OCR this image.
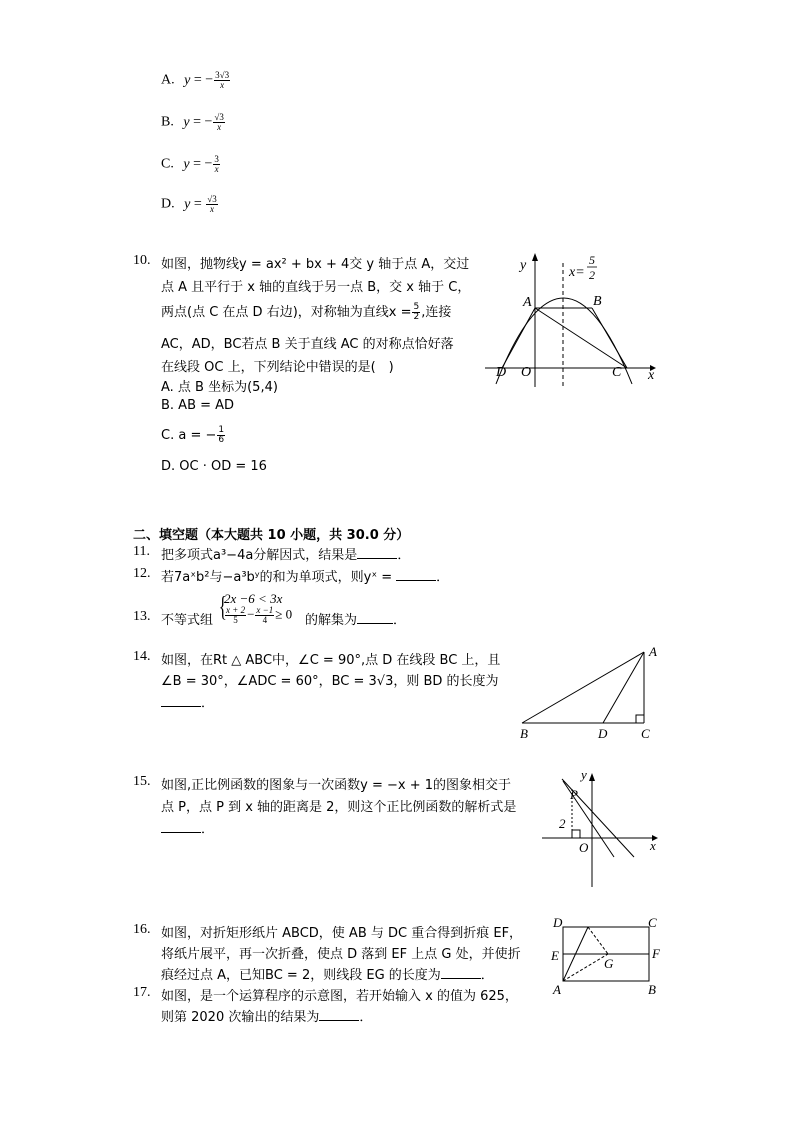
A. y = − $\frac{3√3}{x}$
B. y = − $\frac{√3}{x}$
C. y = − $\frac{3}{x}$
D. $y = \frac{√3}{x}$
10. 如图，抛物线y = ax² + bx + 4交 y 轴于点 A，交过
点 A 且平行于 x 轴的直线于另一点 B，交 x 轴于 C，
两点(点 C 在点 D 右边)，对称轴为直线$x = \frac{5}{2}$ ,连接
AC，AD，BC若点 B 关于直线 AC 的对称点恰好落
在线段 OC 上，下列结论中错误的是(　)
A. 点 B 坐标为(5,4)
B. AB = AD
C. a = − $\frac{1}{6}$
D. OC · OD = 16
y
x
x=
5
2
A	B
C
D O
二、填空题（本大题共 10 小题，共 30.0 分）
11. 把多项式a³−4a分解因式，结果是	．
12. 若7aˣb²与−a³bʸ的和为单项式，则yˣ =	．
13. 不等式组 {
2x −6 < 3x
$\frac{x + 2}{5} - \frac{x -1}{4} \ge 0$ 的解集为	．
14. 如图，在Rt △ ABC中，∠C = 90°,点 D 在线段 BC 上，且
∠B = 30°，∠ADC = 60°，BC = 3√3，则 BD 的长度为
．
A
B	D	C
15. 如图,正比例函数的图象与一次函数y = −x + 1的图象相交于
点 P，点 P 到 x 轴的距离是 2，则这个正比例函数的解析式是
．
y
x
P
O
2
16. 如图，对折矩形纸片 ABCD，使 AB 与 DC 重合得到折痕 EF，
将纸片展平，再一次折叠，使点 D 落到 EF 上点 G 处，并使折
痕经过点 A，已知BC = 2，则线段 EG 的长度为	．
D	C
E	F
G
A	B
17. 如图，是一个运算程序的示意图，若开始输入 x 的值为 625，
则第 2020 次输出的结果为	．
